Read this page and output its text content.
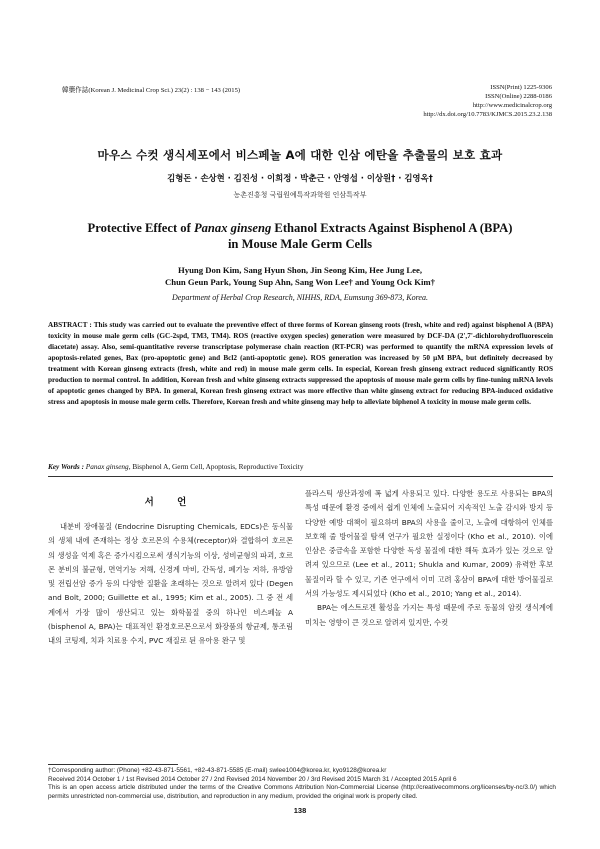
韓藥作誌(Korean J. Medicinal Crop Sci.) 23(2) : 138 − 143 (2015)	ISSN(Print) 1225-9306
ISSN(Online) 2288-0186
http://www.medicinalcrop.org
http://dx.doi.org/10.7783/KJMCS.2015.23.2.138
마우스 수컷 생식세포에서 비스페놀 A에 대한 인삼 에탄올 추출물의 보호 효과
김형돈 · 손상현 · 김진성 · 이희정 · 박춘근 · 안영섭 · 이상원† · 김영옥†
농촌진흥청 국립원예특작과학원 인삼특작부
Protective Effect of Panax ginseng Ethanol Extracts Against Bisphenol A (BPA)
in Mouse Male Germ Cells
Hyung Don Kim, Sang Hyun Shon, Jin Seong Kim, Hee Jung Lee,
Chun Geun Park, Young Sup Ahn, Sang Won Lee† and Young Ock Kim†
Department of Herbal Crop Research, NIHHS, RDA, Eumsung 369-873, Korea.
ABSTRACT : This study was carried out to evaluate the preventive effect of three forms of Korean ginseng roots (fresh, white and red) against bisphenol A (BPA) toxicity in mouse male germ cells (GC-2spd, TM3, TM4). ROS (reactive oxygen species) generation were measured by DCF-DA (2',7'-dichlorohydrofluorescein diacetate) assay. Also, semi-quantitative reverse transcriptase polymerase chain reaction (RT-PCR) was performed to quantify the mRNA expression levels of apoptosis-related genes, Bax (pro-apoptotic gene) and Bcl2 (anti-apoptotic gene). ROS generation was increased by 50 μM BPA, but definitely decreased by treatment with Korean ginseng extracts (fresh, white and red) in mouse male germ cells. In especial, Korean fresh ginseng extract reduced significantly ROS production to normal control. In addition, Korean fresh and white ginseng extracts suppressed the apoptosis of mouse male germ cells by fine-tuning mRNA levels of apoptotic genes changed by BPA. In general, Korean fresh ginseng extract was more effective than white ginseng extract for reducing BPA-induced oxidative stress and apoptosis in mouse male germ cells. Therefore, Korean fresh and white ginseng may help to alleviate biphenol A toxicity in mouse male germ cells.
Key Words : Panax ginseng, Bisphenol A, Germ Cell, Apoptosis, Reproductive Toxicity
서 언

내분비 장애물질 (Endocrine Disrupting Chemicals, EDCs)은 동식물의 생체 내에 존재하는 정상 호르몬의 수용체(receptor)와 결합하여 호르몬의 생성을 억제 혹은 증가시킴으로써 생식기능의 이상, 성비균형의 파괴, 호르몬 분비의 불균형, 면역기능 저해, 신경계 마비, 간독성, 폐기능 저하, 유방암 및 전립선암 증가 등의 다양한 질환을 초래하는 것으로 알려져 있다 (Degen and Bolt, 2000; Guillette et al., 1995; Kim et al., 2005). 그 중 전 세계에서 가장 많이 생산되고 있는 화학물질 중의 하나인 비스페놀 A (bisphenol A, BPA)는 대표적인 환경호르몬으로서 화장품의 항균제, 통조림내의 코팅제, 치과 치료용 수지, PVC 재질로 된 유아용 완구 및

플라스틱 생산과정에 폭 넓게 사용되고 있다. 다양한 용도로 사용되는 BPA의 특성 때문에 환경 중에서 쉽게 인체에 노출되어 지속적인 노출 감시와 방지 등 다양한 예방 대책이 필요하며 BPA의 사용을 줄이고, 노출에 대항하여 인체를 보호해 줄 방어물질 탐색 연구가 필요한 실정이다 (Kho et al., 2010). 이에 인삼은 중금속을 포함한 다양한 독성 물질에 대한 해독 효과가 있는 것으로 알려져 있으므로 (Lee et al., 2011; Shukla and Kumar, 2009) 유력한 후보 물질이라 할 수 있고, 기존 연구에서 이미 고려 홍삼이 BPA에 대한 방어물질로서의 가능성도 제시되었다 (Kho et al., 2010; Yang et al., 2014).

BPA는 에스트로겐 활성을 가지는 특성 때문에 주로 동물의 암컷 생식계에 미치는 영향이 큰 것으로 알려져 있지만, 수컷

†Corresponding author: (Phone) +82-43-871-5561, +82-43-871-5585 (E-mail) swlee1004@korea.kr, kyo9128@korea.kr

Received 2014 October 1 / 1st Revised 2014 October 27 / 2nd Revised 2014 November 20 / 3rd Revised 2015 March 31 / Accepted 2015 April 6

This is an open access article distributed under the terms of the Creative Commons Attribution Non-Commercial License (http://creativecommons.org/licenses/by-nc/3.0/) which permits unrestricted non-commercial use, distribution, and reproduction in any medium, provided the original work is properly cited.

138
